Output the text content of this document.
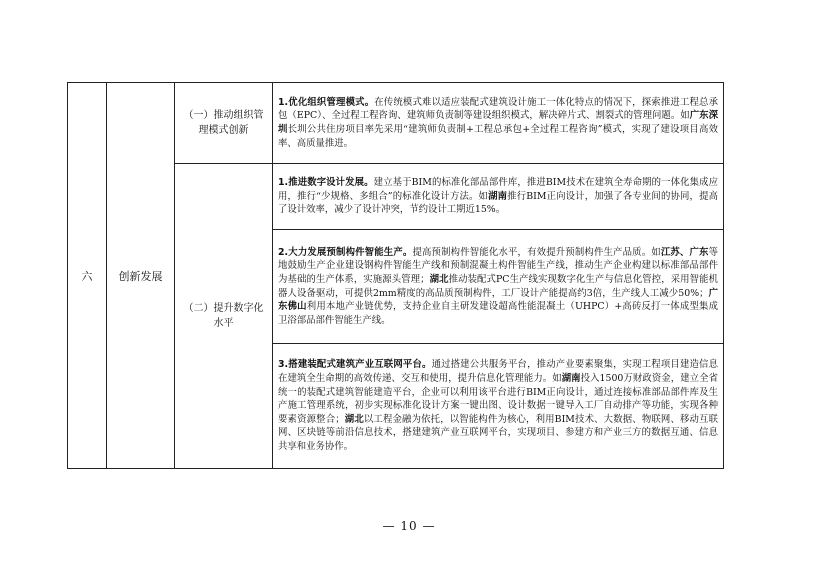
六	创新发展	（一）推动组织管理模式创新	1.优化组织管理模式。在传统模式难以适应装配式建筑设计施工一体化特点的情况下，探索推进工程总承包（EPC）、全过程工程咨询、建筑师负责制等建设组织模式，解决碎片式、割裂式的管理问题。如广东深圳长圳公共住房项目率先采用“建筑师负责制+工程总承包+全过程工程咨询”模式，实现了建设项目高效率、高质量推进。
		（二）提升数字化水平	1.推进数字设计发展。建立基于BIM的标准化部品部件库，推进BIM技术在建筑全寿命期的一体化集成应用，推行“少规格、多组合”的标准化设计方法。如湖南推行BIM正向设计，加强了各专业间的协同，提高了设计效率，减少了设计冲突，节约设计工期近15%。
			2.大力发展预制构件智能生产。提高预制构件智能化水平，有效提升预制构件生产品质。如江苏、广东等地鼓励生产企业建设钢构件智能生产线和预制混凝土构件智能生产线，推动生产企业构建以标准部品部件为基础的生产体系，实施源头管理；湖北推动装配式PC生产线实现数字化生产与信息化管控，采用智能机器人设备驱动，可提供2mm精度的高品质预制构件，工厂设计产能提高约3倍，生产线人工减少50%；广东佛山利用本地产业链优势，支持企业自主研发建设超高性能混凝土（UHPC）+高砖反打一体成型集成卫浴部品部件智能生产线。
			3.搭建装配式建筑产业互联网平台。通过搭建公共服务平台，推动产业要素聚集，实现工程项目建造信息在建筑全生命期的高效传递、交互和使用，提升信息化管理能力。如湖南投入1500万财政资金，建立全省统一的装配式建筑智能建造平台，企业可以利用该平台进行BIM正向设计，通过连接标准部品部件库及生产施工管理系统，初步实现标准化设计方案一键出图、设计数据一键导入工厂自动排产等功能，实现各种要素资源整合；湖北以工程金融为依托，以智能构件为核心，利用BIM技术、大数据、物联网、移动互联网、区块链等前沿信息技术，搭建建筑产业互联网平台，实现项目、参建方和产业三方的数据互通、信息共享和业务协作。
— 10 —
